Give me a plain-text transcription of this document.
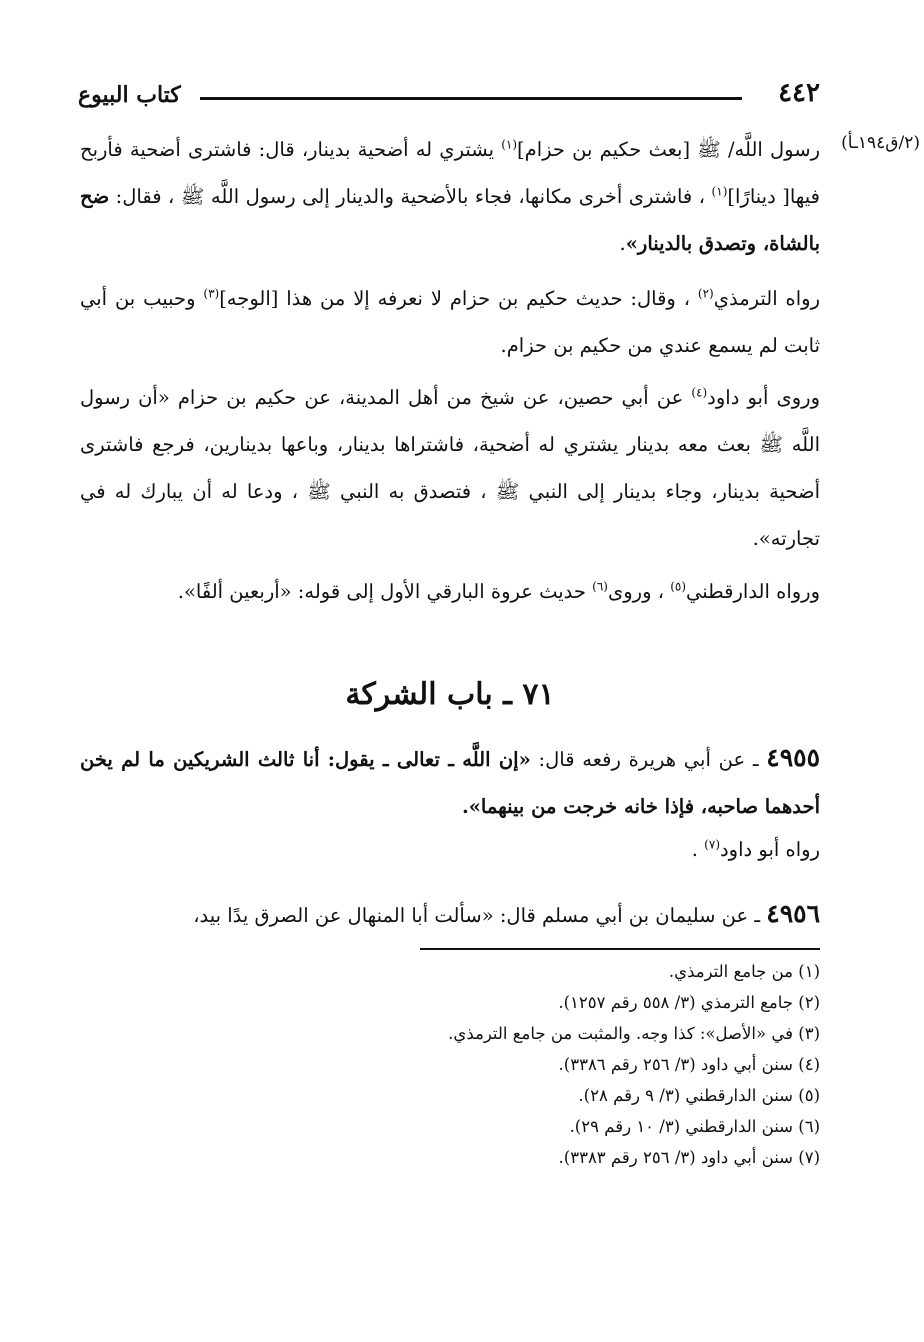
كتاب البيوع	٤٤٢
(٢/ق١٩٤ـأ)

رسول اللَّه/ ﷺ [بعث حكيم بن حزام]$^{(١)}$ يشتري له أضحية بدينار، قال: فاشترى أضحية فأربح فيها[ دينارًا]$^{(١)}$ ، فاشترى أخرى مكانها، فجاء بالأضحية والدينار إلى رسول اللَّه ﷺ ، فقال: ضح بالشاة، وتصدق بالدينار».

رواه الترمذي$^{(٢)}$ ، وقال: حديث حكيم بن حزام لا نعرفه إلا من هذا [الوجه]$^{(٣)}$ وحبيب بن أبي ثابت لم يسمع عندي من حكيم بن حزام.

وروى أبو داود$^{(٤)}$ عن أبي حصين، عن شيخ من أهل المدينة، عن حكيم بن حزام «أن رسول اللَّه ﷺ بعث معه بدينار يشتري له أضحية، فاشتراها بدينار، وباعها بدينارين، فرجع فاشترى أضحية بدينار، وجاء بدينار إلى النبي ﷺ ، فتصدق به النبي ﷺ ، ودعا له أن يبارك له في تجارته».

ورواه الدارقطني$^{(٥)}$ ، وروى$^{(٦)}$ حديث عروة البارقي الأول إلى قوله: «أربعين ألفًا».

٧١ ـ باب الشركة

٤٩٥٥ ـ عن أبي هريرة رفعه قال: «إن اللَّه ـ تعالى ـ يقول: أنا ثالث الشريكين ما لم يخن أحدهما صاحبه، فإذا خانه خرجت من بينهما».

رواه أبو داود$^{(٧)}$ .

٤٩٥٦ ـ عن سليمان بن أبي مسلم قال: «سألت أبا المنهال عن الصرق يدًا بيد،

(١) من جامع الترمذي.
(٢) جامع الترمذي (٣/ ٥٥٨ رقم ١٢٥٧).
(٣) في «الأصل»: كذا وجه. والمثبت من جامع الترمذي.
(٤) سنن أبي داود (٣/ ٢٥٦ رقم ٣٣٨٦).
(٥) سنن الدارقطني (٣/ ٩ رقم ٢٨).
(٦) سنن الدارقطني (٣/ ١٠ رقم ٢٩).
(٧) سنن أبي داود (٣/ ٢٥٦ رقم ٣٣٨٣).
